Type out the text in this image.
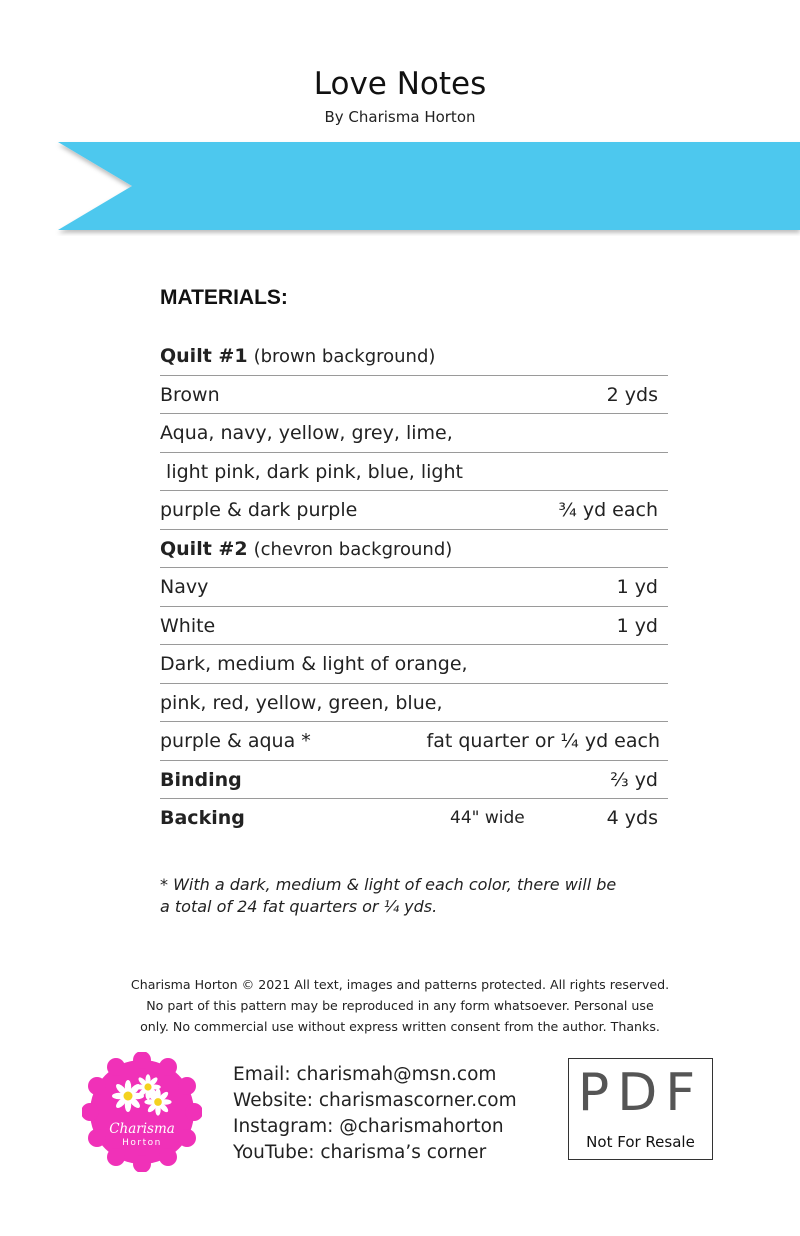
Love Notes
By Charisma Horton
MATERIALS:
Quilt #1 (brown background)
Brown	2 yds
Aqua, navy, yellow, grey, lime,
light pink, dark pink, blue, light
purple & dark purple	¾ yd each
Quilt #2 (chevron background)
Navy	1 yd
White	1 yd
Dark, medium & light of orange,
pink, red, yellow, green, blue,
purple & aqua *	fat quarter or ¼ yd each
Binding	⅔ yd
Backing	44" wide	4 yds
* With a dark, medium & light of each color, there will be
a total of 24 fat quarters or ¼ yds.
Charisma Horton © 2021 All text, images and patterns protected. All rights reserved.
No part of this pattern may be reproduced in any form whatsoever. Personal use
only. No commercial use without express written consent from the author. Thanks.
Charisma
Horton
Email: charismah@msn.com
Website: charismascorner.com
Instagram: @charismahorton
YouTube: charisma’s corner
PDF
Not For Resale
